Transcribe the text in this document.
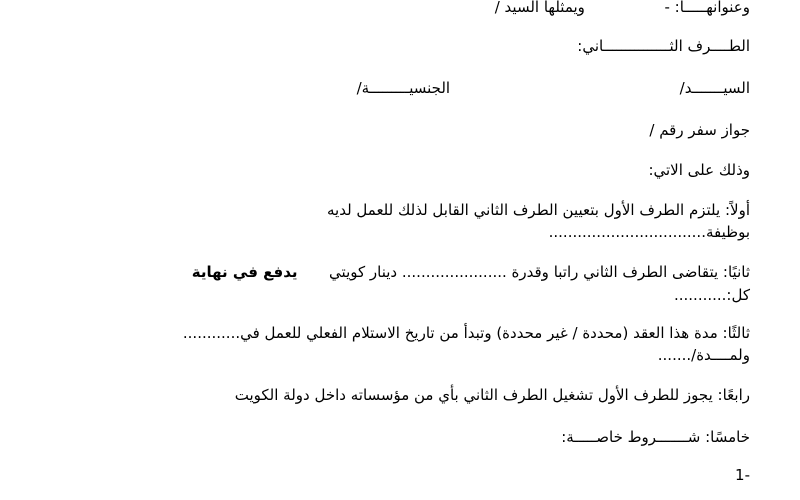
وعنوانهـــــا: -  ويمثلها السيد /
الطــــرف الثـــــــــــــــاني:
السيـــــــد/  الجنسيـــــــــة/
جواز سفر رقم /
وذلك على الاتي:
أولاً: يلتزم الطرف الأول بتعيين الطرف الثاني القابل لذلك للعمل لديه
بوظيفة.................................
ثانيًا: يتقاضى الطرف الثاني راتبا وقدرة ...................... دينار كويتي  يدفع في نهاية
كل:...........
ثالثًا: مدة هذا العقد (محددة / غير محددة) وتبدأ من تاريخ الاستلام الفعلي للعمل في............
ولمــــدة/.......
رابعًا: يجوز للطرف الأول تشغيل الطرف الثاني بأي من مؤسساته داخل دولة الكويت
خامسًا: شـــــــروط خاصـــــة:
1-
